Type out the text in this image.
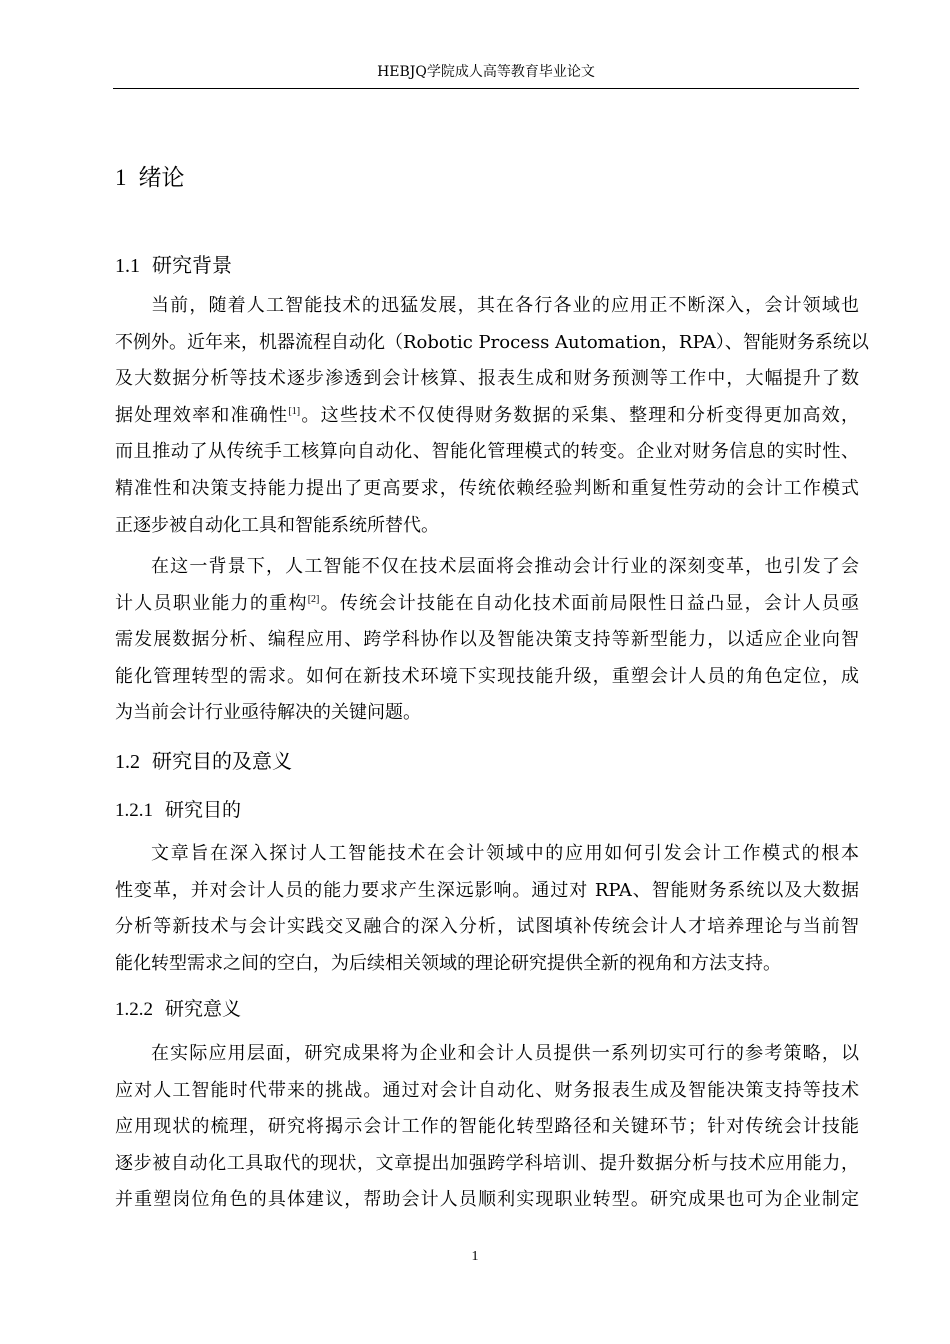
HEBJQ学院成人高等教育毕业论文
1 绪论
1.1 研究背景
当前，随着人工智能技术的迅猛发展，其在各行各业的应用正不断深入，会计领域也
不例外。近年来，机器流程自动化（Robotic Process Automation，RPA）、智能财务系统以
及大数据分析等技术逐步渗透到会计核算、报表生成和财务预测等工作中，大幅提升了数
据处理效率和准确性[1]。这些技术不仅使得财务数据的采集、整理和分析变得更加高效，
而且推动了从传统手工核算向自动化、智能化管理模式的转变。企业对财务信息的实时性、
精准性和决策支持能力提出了更高要求，传统依赖经验判断和重复性劳动的会计工作模式
正逐步被自动化工具和智能系统所替代。
在这一背景下，人工智能不仅在技术层面将会推动会计行业的深刻变革，也引发了会
计人员职业能力的重构[2]。传统会计技能在自动化技术面前局限性日益凸显，会计人员亟
需发展数据分析、编程应用、跨学科协作以及智能决策支持等新型能力，以适应企业向智
能化管理转型的需求。如何在新技术环境下实现技能升级，重塑会计人员的角色定位，成
为当前会计行业亟待解决的关键问题。
1.2 研究目的及意义
1.2.1 研究目的
文章旨在深入探讨人工智能技术在会计领域中的应用如何引发会计工作模式的根本
性变革，并对会计人员的能力要求产生深远影响。通过对 RPA、智能财务系统以及大数据
分析等新技术与会计实践交叉融合的深入分析，试图填补传统会计人才培养理论与当前智
能化转型需求之间的空白，为后续相关领域的理论研究提供全新的视角和方法支持。
1.2.2 研究意义
在实际应用层面，研究成果将为企业和会计人员提供一系列切实可行的参考策略，以
应对人工智能时代带来的挑战。通过对会计自动化、财务报表生成及智能决策支持等技术
应用现状的梳理，研究将揭示会计工作的智能化转型路径和关键环节；针对传统会计技能
逐步被自动化工具取代的现状，文章提出加强跨学科培训、提升数据分析与技术应用能力，
并重塑岗位角色的具体建议，帮助会计人员顺利实现职业转型。研究成果也可为企业制定
1
